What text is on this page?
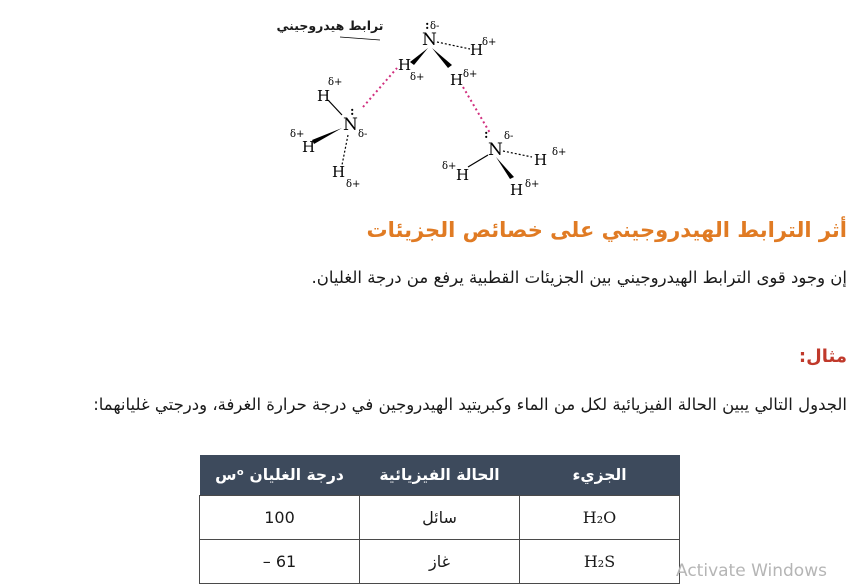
ترابط هيدروجيني
N
δ-
:
H
δ+
H
δ+ H δ+
N δ-
:
H
δ+
H
δ+
H
δ+
N
δ-
:
H δ+
H
δ+
H δ+
أثر الترابط الهيدروجيني على خصائص الجزيئات
إن وجود قوى الترابط الهيدروجيني بين الجزيئات القطبية يرفع من درجة الغليان.
مثال:
الجدول التالي يبين الحالة الفيزيائية لكل من الماء وكبريتيد الهيدروجين في درجة حرارة الغرفة، ودرجتي غليانهما:
الجزيء	الحالة الفيزيائية	درجة الغليان ᵒس
H₂O	سائل	100
H₂S	غاز	61 –	Activate Windows
